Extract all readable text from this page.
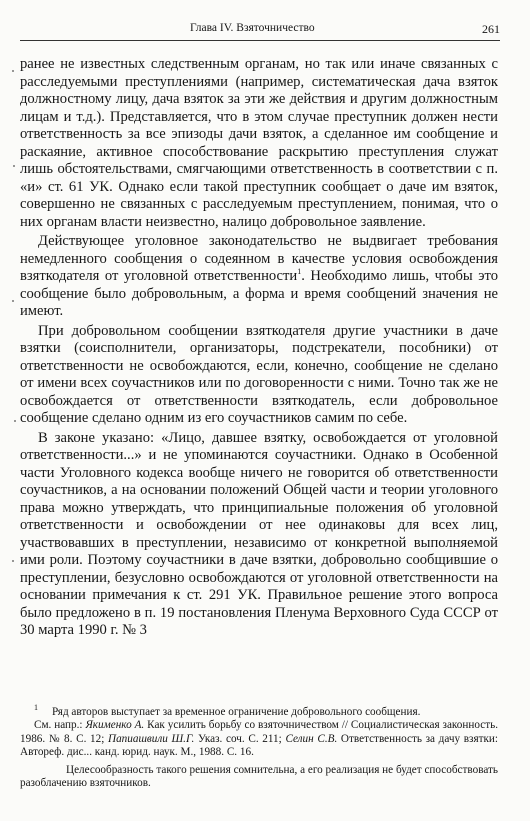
Глава IV. Взяточничество	261

ранее не известных следственным органам, но так или иначе связанных с расследуемыми преступлениями (например, систематическая дача взяток должностному лицу, дача взяток за эти же действия и другим должностным лицам и т.д.). Представляется, что в этом случае преступник должен нести ответственность за все эпизоды дачи взяток, а сделанное им сообщение и раскаяние, активное способствование раскрытию преступления служат лишь обстоятельствами, смягчающими ответственность в соответствии с п. «и» ст. 61 УК. Однако если такой преступник сообщает о даче им взяток, совершенно не связанных с расследуемым преступлением, понимая, что о них органам власти неизвестно, налицо добровольное заявление.

Действующее уголовное законодательство не выдвигает требования немедленного сообщения о содеянном в качестве условия освобождения взяткодателя от уголовной ответственности$^1$. Необходимо лишь, чтобы это сообщение было добровольным, а форма и время сообщений значения не имеют.

При добровольном сообщении взяткодателя другие участники в даче взятки (соисполнители, организаторы, подстрекатели, пособники) от ответственности не освобождаются, если, конечно, сообщение не сделано от имени всех соучастников или по договоренности с ними. Точно так же не освобождается от ответственности взяткодатель, если добровольное сообщение сделано одним из его соучастников самим по себе.

В законе указано: «Лицо, давшее взятку, освобождается от уголовной ответственности...» и не упоминаются соучастники. Однако в Особенной части Уголовного кодекса вообще ничего не говорится об ответственности соучастников, а на основании положений Общей части и теории уголовного права можно утверждать, что принципиальные положения об уголовной ответственности и освобождении от нее одинаковы для всех лиц, участвовавших в преступлении, независимо от конкретной выполняемой ими роли. Поэтому соучастники в даче взятки, добровольно сообщившие о преступлении, безусловно освобождаются от уголовной ответственности на основании примечания к ст. 291 УК. Правильное решение этого вопроса было предложено в п. 19 постановления Пленума Верховного Суда СССР от 30 марта 1990 г. № 3

$^1$ Ряд авторов выступает за временное ограничение добровольного сообщения.

См. напр.: Якименко А. Как усилить борьбу со взяточничеством // Социалистическая законность. 1986. № 8. С. 12; Папиашвили Ш.Г. Указ. соч. С. 211; Селин С.В. Ответственность за дачу взятки: Автореф. дис... канд. юрид. наук. М., 1988. С. 16.

Целесообразность такого решения сомнительна, а его реализация не будет способствовать разоблачению взяточников.
